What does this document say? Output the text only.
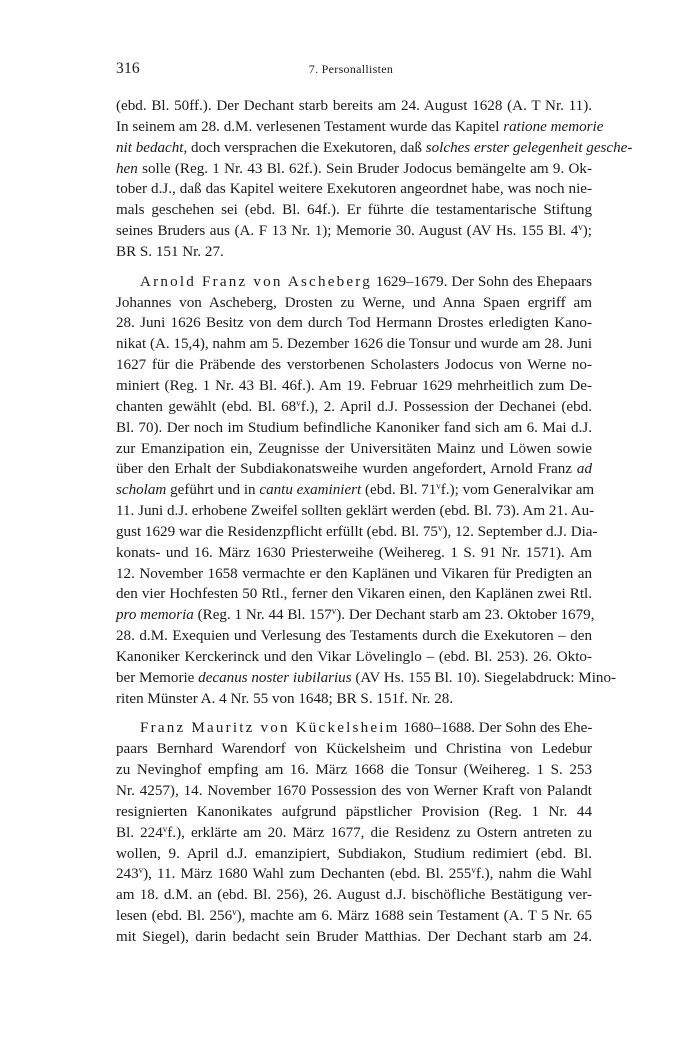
316	7. Personallisten
(ebd. Bl. 50ff.). Der Dechant starb bereits am 24. August 1628 (A. T Nr. 11).
In seinem am 28. d.M. verlesenen Testament wurde das Kapitel ratione memorie
nit bedacht, doch versprachen die Exekutoren, daß solches erster gelegenheit gesche-
hen solle (Reg. 1 Nr. 43 Bl. 62f.). Sein Bruder Jodocus bemängelte am 9. Ok-
tober d.J., daß das Kapitel weitere Exekutoren angeordnet habe, was noch nie-
mals geschehen sei (ebd. Bl. 64f.). Er führte die testamentarische Stiftung
seines Bruders aus (A. F 13 Nr. 1); Memorie 30. August (AV Hs. 155 Bl. 4$^v$);
BR S. 151 Nr. 27.
Arnold Franz von Ascheberg 1629–1679. Der Sohn des Ehepaars
Johannes von Ascheberg, Drosten zu Werne, und Anna Spaen ergriff am
28. Juni 1626 Besitz von dem durch Tod Hermann Drostes erledigten Kano-
nikat (A. 15,4), nahm am 5. Dezember 1626 die Tonsur und wurde am 28. Juni
1627 für die Präbende des verstorbenen Scholasters Jodocus von Werne no-
miniert (Reg. 1 Nr. 43 Bl. 46f.). Am 19. Februar 1629 mehrheitlich zum De-
chanten gewählt (ebd. Bl. 68$^v$f.), 2. April d.J. Possession der Dechanei (ebd.
Bl. 70). Der noch im Studium befindliche Kanoniker fand sich am 6. Mai d.J.
zur Emanzipation ein, Zeugnisse der Universitäten Mainz und Löwen sowie
über den Erhalt der Subdiakonatsweihe wurden angefordert, Arnold Franz ad
scholam geführt und in cantu examiniert (ebd. Bl. 71$^v$f.); vom Generalvikar am
11. Juni d.J. erhobene Zweifel sollten geklärt werden (ebd. Bl. 73). Am 21. Au-
gust 1629 war die Residenzpflicht erfüllt (ebd. Bl. 75$^v$), 12. September d.J. Dia-
konats- und 16. März 1630 Priesterweihe (Weihereg. 1 S. 91 Nr. 1571). Am
12. November 1658 vermachte er den Kaplänen und Vikaren für Predigten an
den vier Hochfesten 50 Rtl., ferner den Vikaren einen, den Kaplänen zwei Rtl.
pro memoria (Reg. 1 Nr. 44 Bl. 157$^v$). Der Dechant starb am 23. Oktober 1679,
28. d.M. Exequien und Verlesung des Testaments durch die Exekutoren – den
Kanoniker Kerckerinck und den Vikar Lövelinglo – (ebd. Bl. 253). 26. Okto-
ber Memorie decanus noster iubilarius (AV Hs. 155 Bl. 10). Siegelabdruck: Mino-
riten Münster A. 4 Nr. 55 von 1648; BR S. 151f. Nr. 28.
Franz Mauritz von Kückelsheim 1680–1688. Der Sohn des Ehe-
paars Bernhard Warendorf von Kückelsheim und Christina von Ledebur
zu Nevinghof empfing am 16. März 1668 die Tonsur (Weihereg. 1 S. 253
Nr. 4257), 14. November 1670 Possession des von Werner Kraft von Palandt
resignierten Kanonikates aufgrund päpstlicher Provision (Reg. 1 Nr. 44
Bl. 224$^v$f.), erklärte am 20. März 1677, die Residenz zu Ostern antreten zu
wollen, 9. April d.J. emanzipiert, Subdiakon, Studium redimiert (ebd. Bl.
243$^v$), 11. März 1680 Wahl zum Dechanten (ebd. Bl. 255$^v$f.), nahm die Wahl
am 18. d.M. an (ebd. Bl. 256), 26. August d.J. bischöfliche Bestätigung ver-
lesen (ebd. Bl. 256$^v$), machte am 6. März 1688 sein Testament (A. T 5 Nr. 65
mit Siegel), darin bedacht sein Bruder Matthias. Der Dechant starb am 24.
